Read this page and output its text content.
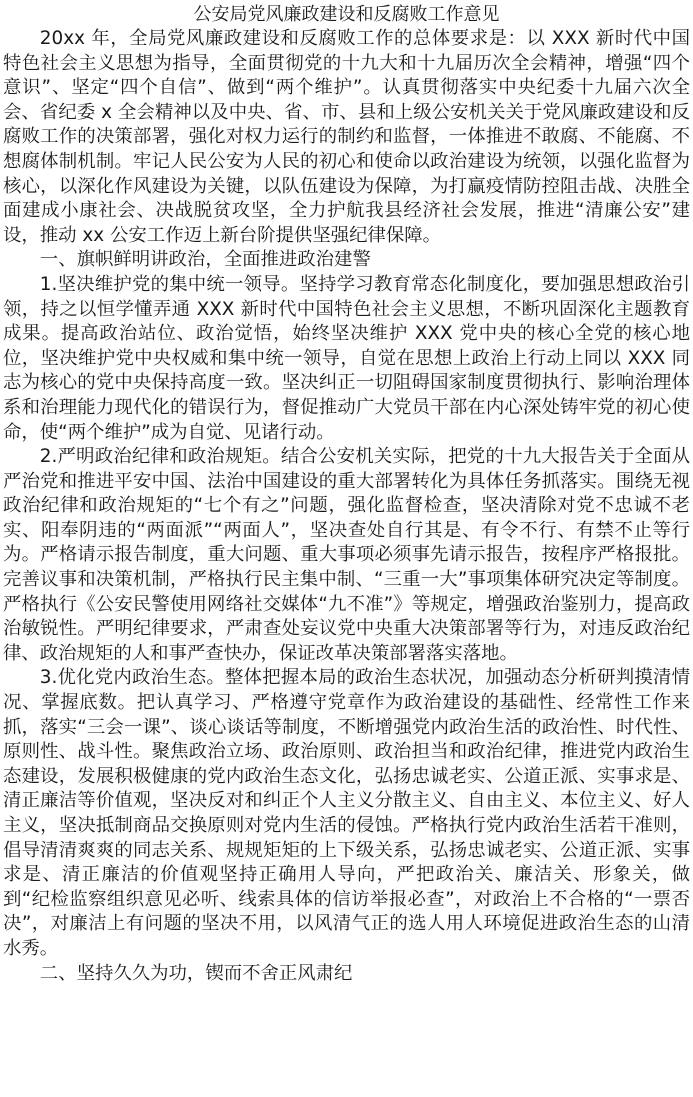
公安局党风廉政建设和反腐败工作意见

20xx 年，全局党风廉政建设和反腐败工作的总体要求是：以 XXX 新时代中国特色社会主义思想为指导，全面贯彻党的十九大和十九届历次全会精神，增强“四个意识”、坚定“四个自信”、做到“两个维护”。认真贯彻落实中央纪委十九届六次全会、省纪委 x 全会精神以及中央、省、市、县和上级公安机关关于党风廉政建设和反腐败工作的决策部署，强化对权力运行的制约和监督，一体推进不敢腐、不能腐、不想腐体制机制。牢记人民公安为人民的初心和使命以政治建设为统领，以强化监督为核心，以深化作风建设为关键，以队伍建设为保障，为打赢疫情防控阻击战、决胜全面建成小康社会、决战脱贫攻坚，全力护航我县经济社会发展，推进“清廉公安”建设，推动 xx 公安工作迈上新台阶提供坚强纪律保障。

一、旗帜鲜明讲政治，全面推进政治建警

1.坚决维护党的集中统一领导。坚持学习教育常态化制度化，要加强思想政治引领，持之以恒学懂弄通 XXX 新时代中国特色社会主义思想，不断巩固深化主题教育成果。提高政治站位、政治觉悟，始终坚决维护 XXX 党中央的核心全党的核心地位，坚决维护党中央权威和集中统一领导，自觉在思想上政治上行动上同以 XXX 同志为核心的党中央保持高度一致。坚决纠正一切阻碍国家制度贯彻执行、影响治理体系和治理能力现代化的错误行为，督促推动广大党员干部在内心深处铸牢党的初心使命，使“两个维护”成为自觉、见诸行动。

2.严明政治纪律和政治规矩。结合公安机关实际，把党的十九大报告关于全面从严治党和推进平安中国、法治中国建设的重大部署转化为具体任务抓落实。围绕无视政治纪律和政治规矩的“七个有之”问题，强化监督检查，坚决清除对党不忠诚不老实、阳奉阴违的“两面派”“两面人”，坚决查处自行其是、有令不行、有禁不止等行为。严格请示报告制度，重大问题、重大事项必须事先请示报告，按程序严格报批。完善议事和决策机制，严格执行民主集中制、“三重一大”事项集体研究决定等制度。严格执行《公安民警使用网络社交媒体“九不准”》等规定，增强政治鉴别力，提高政治敏锐性。严明纪律要求，严肃查处妄议党中央重大决策部署等行为，对违反政治纪律、政治规矩的人和事严查快办，保证改革决策部署落实落地。

3.优化党内政治生态。整体把握本局的政治生态状况，加强动态分析研判摸清情况、掌握底数。把认真学习、严格遵守党章作为政治建设的基础性、经常性工作来抓，落实“三会一课”、谈心谈话等制度，不断增强党内政治生活的政治性、时代性、原则性、战斗性。聚焦政治立场、政治原则、政治担当和政治纪律，推进党内政治生态建设，发展积极健康的党内政治生态文化，弘扬忠诚老实、公道正派、实事求是、清正廉洁等价值观，坚决反对和纠正个人主义分散主义、自由主义、本位主义、好人主义，坚决抵制商品交换原则对党内生活的侵蚀。严格执行党内政治生活若干准则，倡导清清爽爽的同志关系、规规矩矩的上下级关系，弘扬忠诚老实、公道正派、实事求是、清正廉洁的价值观坚持正确用人导向，严把政治关、廉洁关、形象关，做到“纪检监察组织意见必听、线索具体的信访举报必查”，对政治上不合格的“一票否决”，对廉洁上有问题的坚决不用，以风清气正的选人用人环境促进政治生态的山清水秀。

二、坚持久久为功，锲而不舍正风肃纪
